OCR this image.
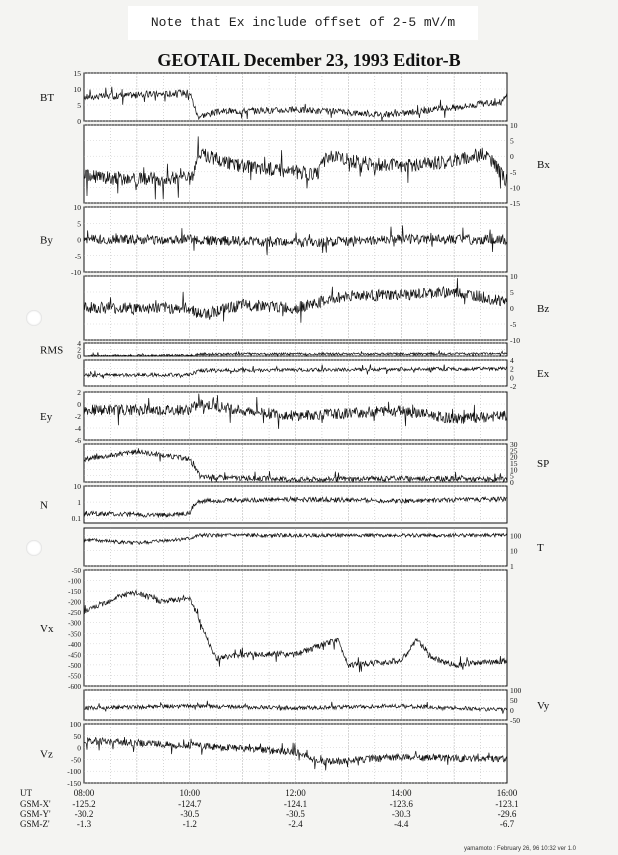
Note that Ex include offset of 2-5 mV/m
GEOTAIL December 23, 1993 Editor-B
15
10
5
0
BT
10
5
0
-5
-10
-15
Bx
10
5
0
-5
-10
By
10
5
0
-5
-10
Bz
4
2
0
RMS
4
2
0
-2
Ex
2
0
-2
-4
-6
Ey
30
25
20
15
10
5
0
SP
10
1
0.1
N
100
10
1
T
-50
-100
-150
-200
-250
-300
-350
-400
-450
-500
-550
-600
Vx
100
50
0
-50
Vy
100
50
0
-50
-100
-150
Vz
UT
GSM-X'
GSM-Y'
GSM-Z'
08:00
-125.2
-30.2
-1.3
10:00
-124.7
-30.5
-1.2
12:00
-124.1
-30.5
-2.4
14:00
-123.6
-30.3
-4.4
16:00
-123.1
-29.6
-6.7
yamamoto : February 26, 96 10:32 ver 1.0
